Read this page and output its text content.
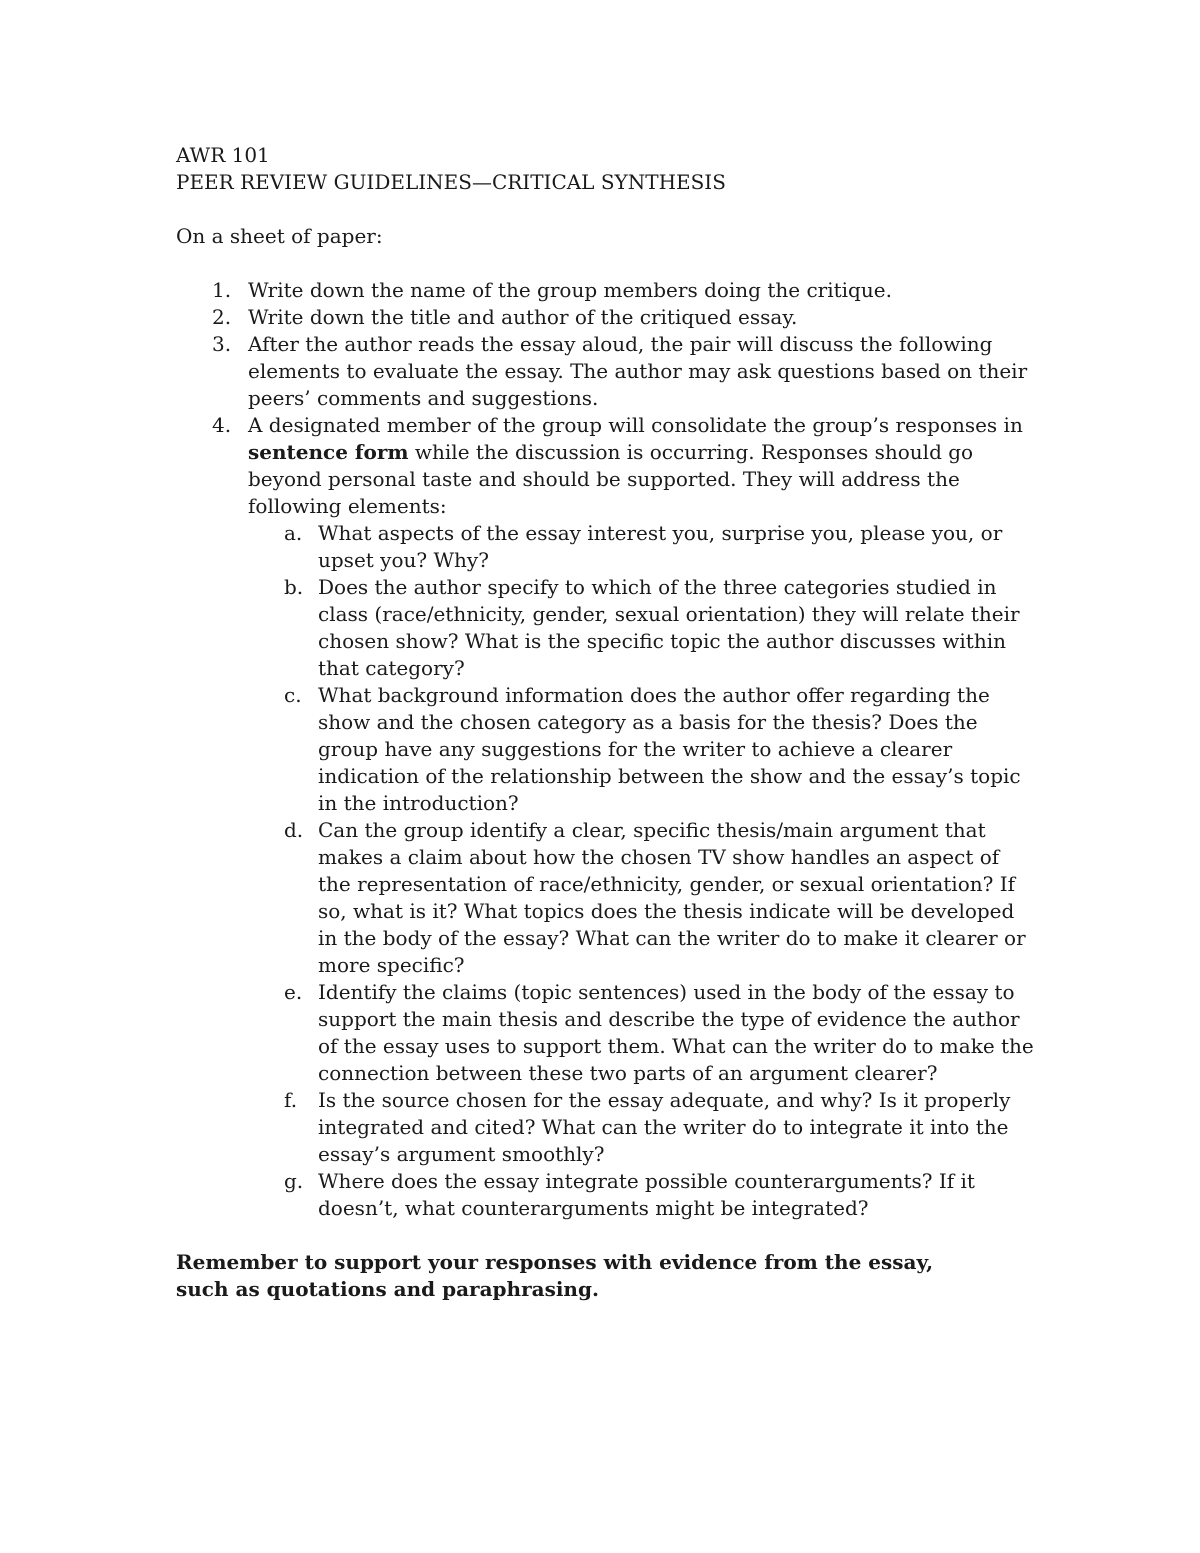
AWR 101
PEER REVIEW GUIDELINES—CRITICAL SYNTHESIS
On a sheet of paper:
1. Write down the name of the group members doing the critique.
2. Write down the title and author of the critiqued essay.
3. After the author reads the essay aloud, the pair will discuss the following elements to evaluate the essay. The author may ask questions based on their peers’ comments and suggestions.
4. A designated member of the group will consolidate the group’s responses in sentence form while the discussion is occurring. Responses should go beyond personal taste and should be supported. They will address the following elements:
a. What aspects of the essay interest you, surprise you, please you, or upset you? Why?
b. Does the author specify to which of the three categories studied in class (race/ethnicity, gender, sexual orientation) they will relate their chosen show? What is the specific topic the author discusses within that category?
c. What background information does the author offer regarding the show and the chosen category as a basis for the thesis? Does the group have any suggestions for the writer to achieve a clearer indication of the relationship between the show and the essay’s topic in the introduction?
d. Can the group identify a clear, specific thesis/main argument that makes a claim about how the chosen TV show handles an aspect of the representation of race/ethnicity, gender, or sexual orientation? If so, what is it? What topics does the thesis indicate will be developed in the body of the essay? What can the writer do to make it clearer or more specific?
e. Identify the claims (topic sentences) used in the body of the essay to support the main thesis and describe the type of evidence the author of the essay uses to support them. What can the writer do to make the connection between these two parts of an argument clearer?
f. Is the source chosen for the essay adequate, and why? Is it properly integrated and cited? What can the writer do to integrate it into the essay’s argument smoothly?
g. Where does the essay integrate possible counterarguments? If it doesn’t, what counterarguments might be integrated?
Remember to support your responses with evidence from the essay, such as quotations and paraphrasing.
